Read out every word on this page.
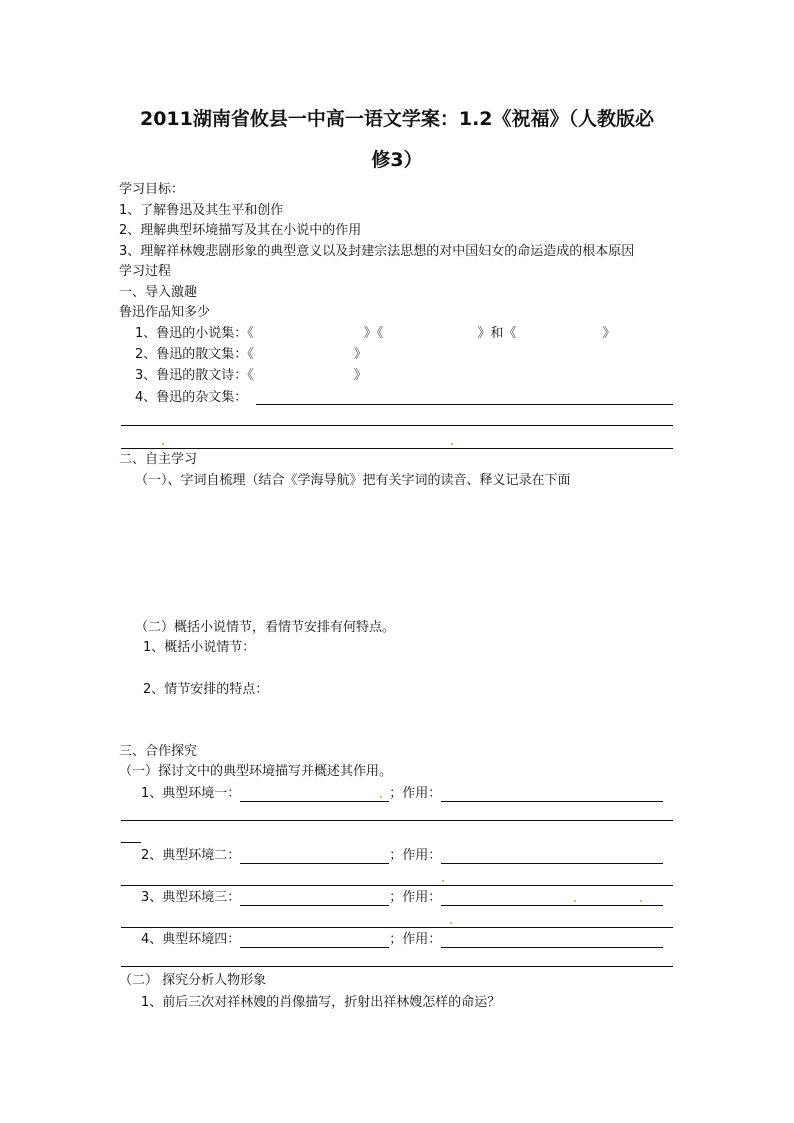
2011湖南省攸县一中高一语文学案：1.2《祝福》（人教版必
修3）
学习目标：
1、了解鲁迅及其生平和创作
2、理解典型环境描写及其在小说中的作用
3、理解祥林嫂悲剧形象的典型意义以及封建宗法思想的对中国妇女的命运造成的根本原因
学习过程
一、导入激趣
鲁迅作品知多少
1、鲁迅的小说集：《	》《	》和《	》
2、鲁迅的散文集：《	》
3、鲁迅的散文诗：《	》
4、鲁迅的杂文集：
二、自主学习
（一）、字词自梳理（结合《学海导航》把有关字词的读音、释义记录在下面
（二）概括小说情节，看情节安排有何特点。
1、概括小说情节：
2、情节安排的特点：
三、合作探究
（一）探讨文中的典型环境描写并概述其作用。
1、典型环境一：	；作用：
2、典型环境二：	；作用：
3、典型环境三：	；作用：
4、典型环境四：	；作用：
（二） 探究分析人物形象
1、前后三次对祥林嫂的肖像描写，折射出祥林嫂怎样的命运？
